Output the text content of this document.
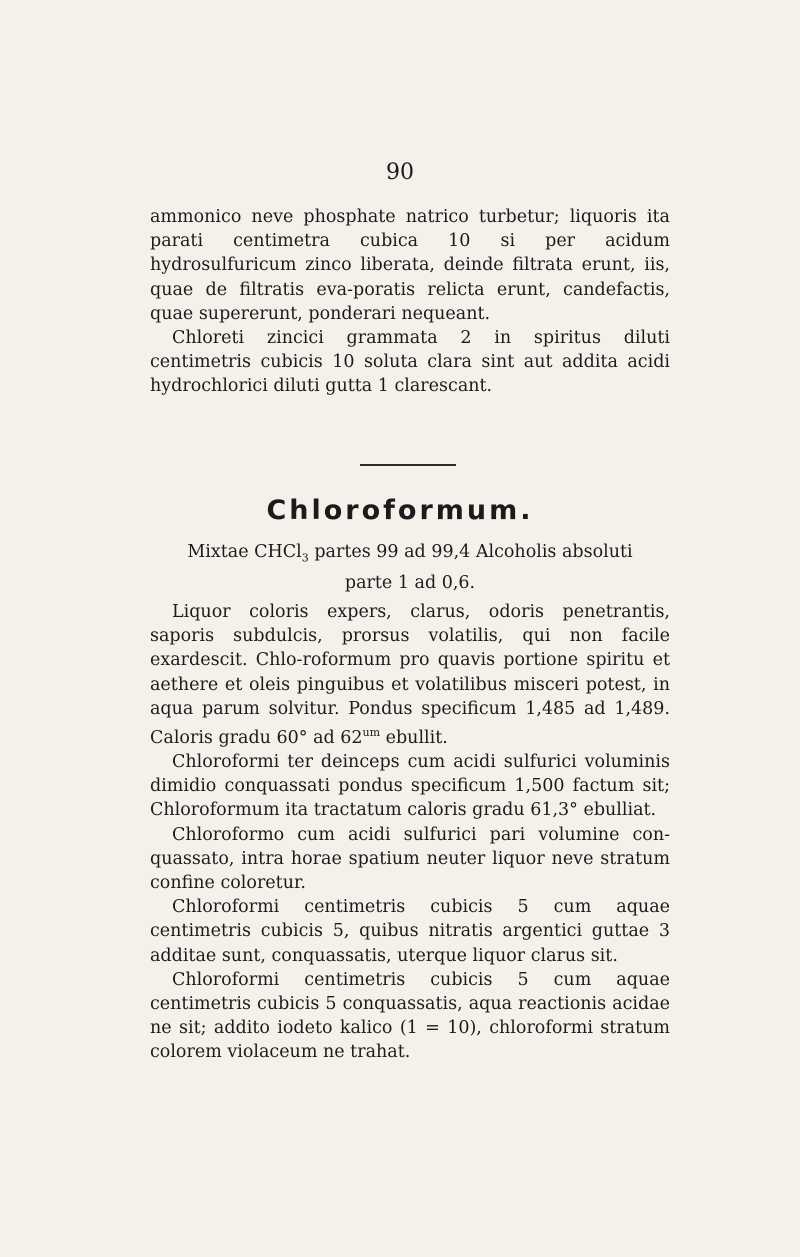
90

ammonico neve phosphate natrico turbetur; liquoris ita parati centimetra cubica 10 si per acidum hydrosulfuricum zinco liberata, deinde filtrata erunt, iis, quae de filtratis eva-poratis relicta erunt, candefactis, quae supererunt, ponderari nequeant.

Chloreti zincici grammata 2 in spiritus diluti centimetris cubicis 10 soluta clara sint aut addita acidi hydrochlorici diluti gutta 1 clarescant.

Chloroformum.
Mixtae CHCl$_3$ partes 99 ad 99,4 Alcoholis absoluti
parte 1 ad 0,6.

Liquor coloris expers, clarus, odoris penetrantis, saporis subdulcis, prorsus volatilis, qui non facile exardescit. Chlo-roformum pro quavis portione spiritu et aethere et oleis pinguibus et volatilibus misceri potest, in aqua parum solvitur. Pondus specificum 1,485 ad 1,489. Caloris gradu 60° ad $62^{um}$ ebullit.

Chloroformi ter deinceps cum acidi sulfurici voluminis dimidio conquassati pondus specificum 1,500 factum sit; Chloroformum ita tractatum caloris gradu 61,3° ebulliat.

Chloroformo cum acidi sulfurici pari volumine con-quassato, intra horae spatium neuter liquor neve stratum confine coloretur.

Chloroformi centimetris cubicis 5 cum aquae centimetris cubicis 5, quibus nitratis argentici guttae 3 additae sunt, conquassatis, uterque liquor clarus sit.

Chloroformi centimetris cubicis 5 cum aquae centimetris cubicis 5 conquassatis, aqua reactionis acidae ne sit; addito iodeto kalico (1 = 10), chloroformi stratum colorem violaceum ne trahat.
